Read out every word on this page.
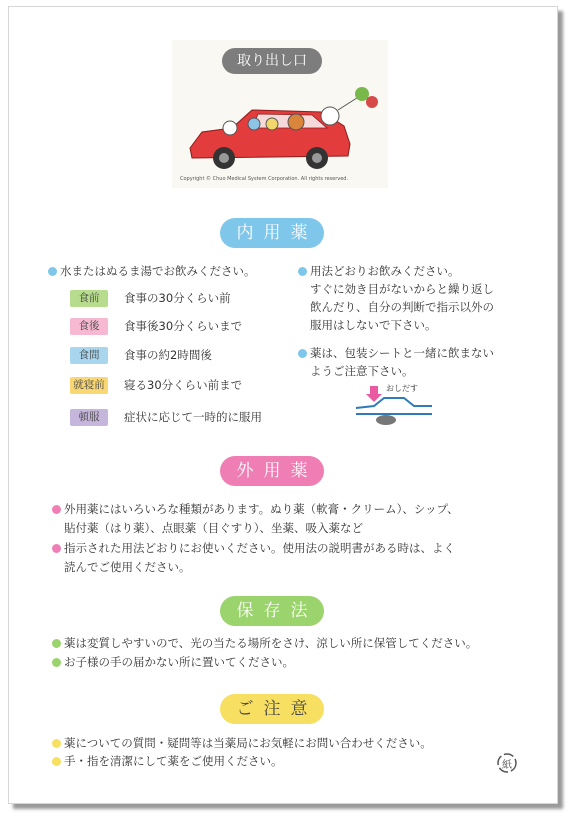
取り出し口
Copyright © Chuo Medical System Corporation. All rights reserved.
内用薬
水またはぬるま湯でお飲みください。
食前	食事の30分くらい前
食後	食事後30分くらいまで
食間	食事の約2時間後
就寝前 寝る30分くらい前まで
頓服	症状に応じて一時的に服用
用法どおりお飲みください。
すぐに効き目がないからと繰り返し
飲んだり、自分の判断で指示以外の
服用はしないで下さい。
薬は、包装シートと一緒に飲まない
ようご注意下さい。
おしだす
外用薬
外用薬にはいろいろな種類があります。ぬり薬（軟膏・クリーム）、シップ、
貼付薬（はり薬）、点眼薬（目ぐすり）、坐薬、吸入薬など
指示された用法どおりにお使いください。使用法の説明書がある時は、よく
読んでご使用ください。
保存法
薬は変質しやすいので、光の当たる場所をさけ、涼しい所に保管してください。
お子様の手の届かない所に置いてください。
ご注意
薬についての質問・疑問等は当薬局にお気軽にお問い合わせください。
手・指を清潔にして薬をご使用ください。	紙
